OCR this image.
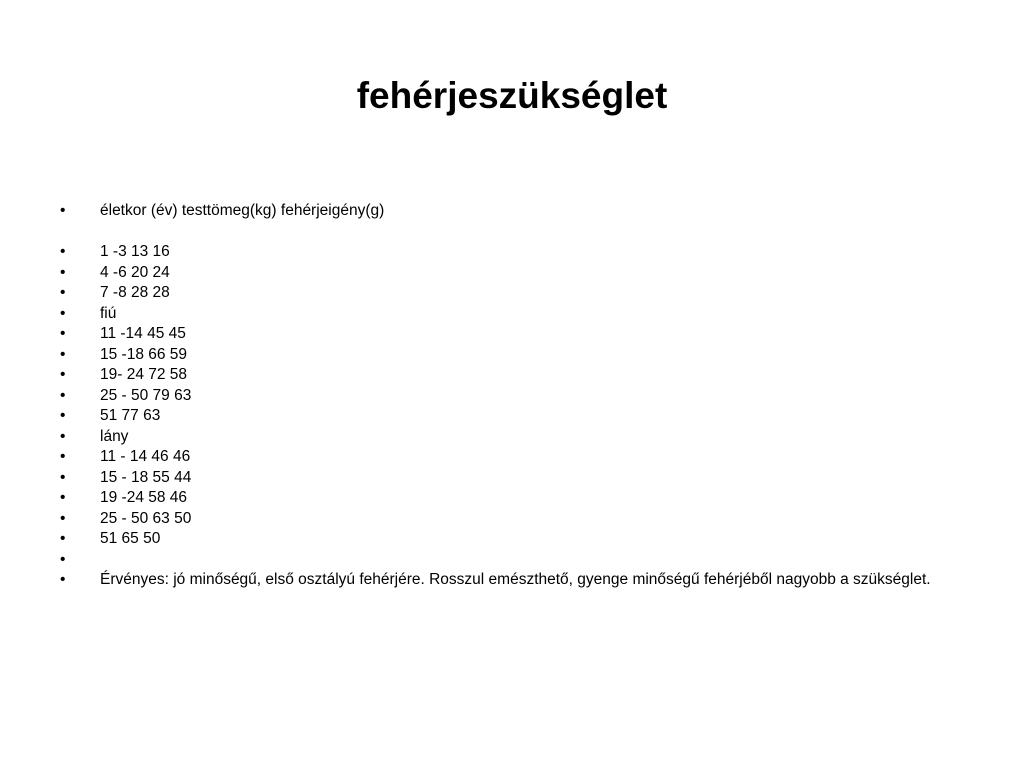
fehérjeszükséglet
•	életkor (év) testtömeg(kg) fehérjeigény(g)
•	1 -3 13 16
•	4 -6 20 24
•	7 -8 28 28
•	fiú
•	11 -14 45 45
•	15 -18 66 59
•	19- 24 72 58
•	25 - 50 79 63
•	51 77 63
•	lány
•	11 - 14 46 46
•	15 - 18 55 44
•	19 -24 58 46
•	25 - 50 63 50
•	51 65 50
•
•	Érvényes: jó minőségű, első osztályú fehérjére. Rosszul emészthető, gyenge minőségű fehérjéből nagyobb a szükséglet.
